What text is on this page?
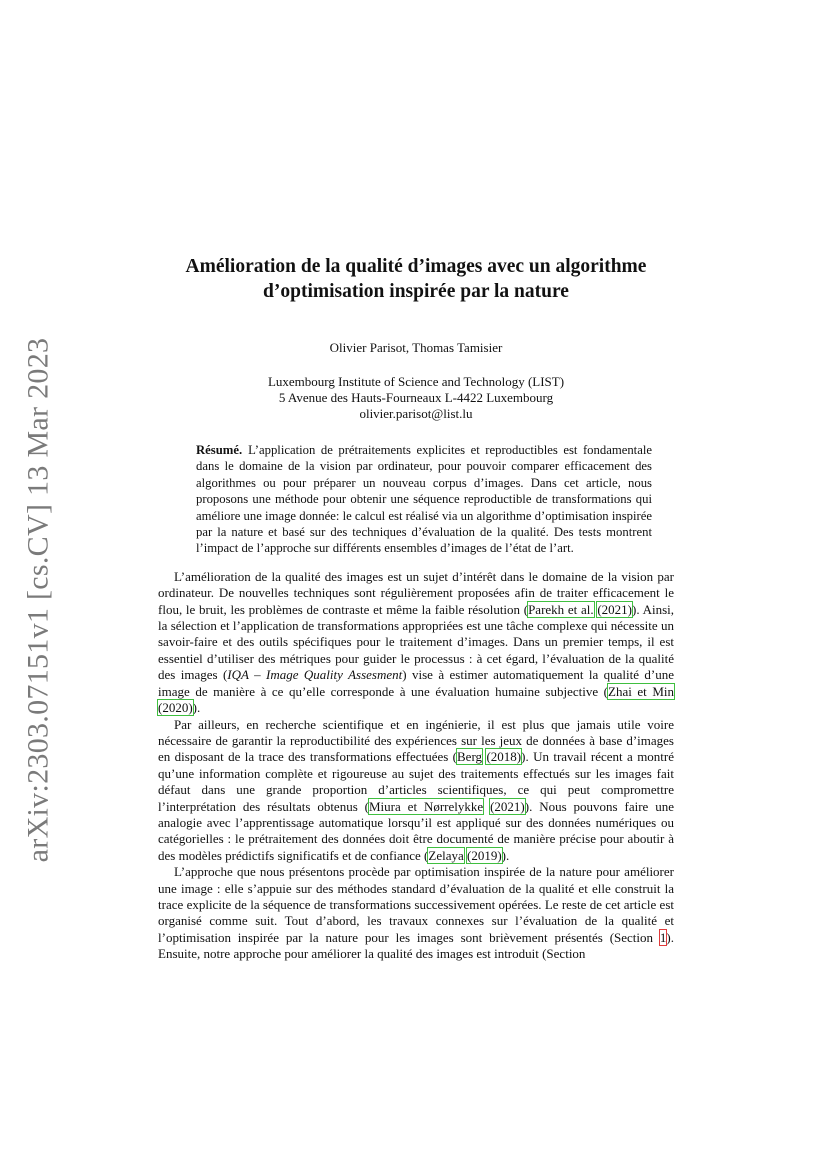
arXiv:2303.07151v1 [cs.CV] 13 Mar 2023
Amélioration de la qualité d’images avec un algorithme
d’optimisation inspirée par la nature
Olivier Parisot, Thomas Tamisier
Luxembourg Institute of Science and Technology (LIST)
5 Avenue des Hauts-Fourneaux L-4422 Luxembourg
olivier.parisot@list.lu
Résumé. L’application de prétraitements explicites et reproductibles est fondamentale dans le domaine de la vision par ordinateur, pour pouvoir comparer efficacement des algorithmes ou pour préparer un nouveau corpus d’images. Dans cet article, nous proposons une méthode pour obtenir une séquence reproductible de transformations qui améliore une image donnée: le calcul est réalisé via un algorithme d’optimisation inspirée par la nature et basé sur des techniques d’évaluation de la qualité. Des tests montrent l’impact de l’approche sur différents ensembles d’images de l’état de l’art.

L’amélioration de la qualité des images est un sujet d’intérêt dans le domaine de la vision par ordinateur. De nouvelles techniques sont régulièrement proposées afin de traiter efficacement le flou, le bruit, les problèmes de contraste et même la faible résolution (Parekh et al. (2021)). Ainsi, la sélection et l’application de transformations appropriées est une tâche complexe qui nécessite un savoir-faire et des outils spécifiques pour le traitement d’images. Dans un premier temps, il est essentiel d’utiliser des métriques pour guider le processus : à cet égard, l’évaluation de la qualité des images (IQA – Image Quality Assesment) vise à estimer automatiquement la qualité d’une image de manière à ce qu’elle corresponde à une évaluation humaine subjective (Zhai et Min (2020)).

Par ailleurs, en recherche scientifique et en ingénierie, il est plus que jamais utile voire nécessaire de garantir la reproductibilité des expériences sur les jeux de données à base d’images en disposant de la trace des transformations effectuées (Berg (2018)). Un travail récent a montré qu’une information complète et rigoureuse au sujet des traitements effectués sur les images fait défaut dans une grande proportion d’articles scientifiques, ce qui peut compromettre l’interprétation des résultats obtenus (Miura et Nørrelykke (2021)). Nous pouvons faire une analogie avec l’apprentissage automatique lorsqu’il est appliqué sur des données numériques ou catégorielles : le prétraitement des données doit être documenté de manière précise pour aboutir à des modèles prédictifs significatifs et de confiance (Zelaya (2019)).

L’approche que nous présentons procède par optimisation inspirée de la nature pour améliorer une image : elle s’appuie sur des méthodes standard d’évaluation de la qualité et elle construit la trace explicite de la séquence de transformations successivement opérées. Le reste de cet article est organisé comme suit. Tout d’abord, les travaux connexes sur l’évaluation de la qualité et l’optimisation inspirée par la nature pour les images sont brièvement présentés (Section 1). Ensuite, notre approche pour améliorer la qualité des images est introduit (Section
